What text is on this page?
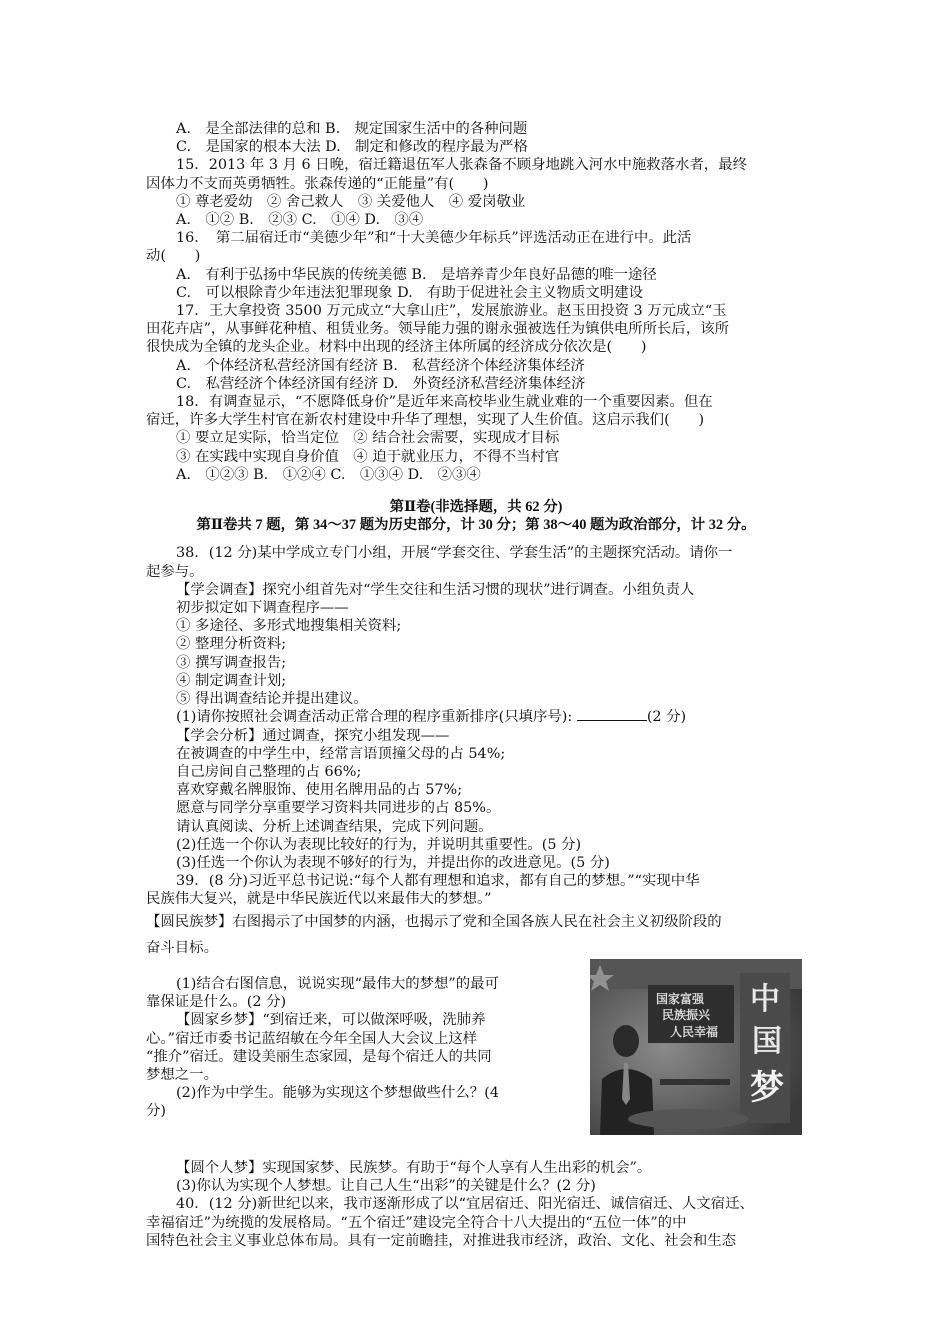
A.　是全部法律的总和 B.　规定国家生活中的各种问题
C.　是国家的根本大法 D.　制定和修改的程序最为严格
15．2013 年 3 月 6 日晚，宿迁籍退伍军人张森备不顾身地跳入河水中施救落水者，最终
因体力不支而英勇牺牲。张森传递的“正能量”有(　　)
① 尊老爱幼　② 舍己救人　③ 关爱他人　④ 爱岗敬业
A.　①② B.　②③ C.　①④ D.　③④
16．　第二届宿迁市“美德少年”和“十大美德少年标兵”评选活动正在进行中。此活
动(　　)
A.　有利于弘扬中华民族的传统美德 B.　是培养青少年良好品德的唯一途径
C.　可以根除青少年违法犯罪现象 D.　有助于促进社会主义物质文明建设
17．王大拿投资 3500 万元成立“大拿山庄”，发展旅游业。赵玉田投资 3 万元成立“玉
田花卉店”，从事鲜花种植、租赁业务。领导能力强的谢永强被选任为镇供电所所长后，该所
很快成为全镇的龙头企业。材料中出现的经济主体所属的经济成分依次是(　　)
A.　个体经济私营经济国有经济 B.　私营经济个体经济集体经济
C.　私营经济个体经济国有经济 D.　外资经济私营经济集体经济
18．有调查显示，“不愿降低身价”是近年来高校毕业生就业难的一个重要因素。但在
宿迁，许多大学生村官在新农村建设中升华了理想，实现了人生价值。这启示我们(　　)
① 要立足实际，恰当定位　② 结合社会需要，实现成才目标
③ 在实践中实现自身价值　④ 迫于就业压力，不得不当村官
A.　①②③ B.　①②④ C.　①③④ D.　②③④
第Ⅱ卷(非选择题，共 62 分)
第Ⅱ卷共 7 题，第 34～37 题为历史部分，计 30 分；第 38～40 题为政治部分，计 32 分。
38．(12 分)某中学成立专门小组，开展“学套交往、学套生活”的主题探究活动。请你一
起参与。
【学会调查】探究小组首先对“学生交往和生活习惯的现状”进行调查。小组负责人
初步拟定如下调查程序——
① 多途径、多形式地搜集相关资料;
② 整理分析资料;
③ 撰写调查报告;
④ 制定调查计划;
⑤ 得出调查结论并提出建议。
(1)请你按照社会调查活动正常合理的程序重新排序(只填序号):	(2 分)
【学会分析】通过调查，探究小组发现——
在被调查的中学生中，经常言语顶撞父母的占 54%;
自己房间自己整理的占 66%;
喜欢穿戴名牌服饰、使用名牌用品的占 57%;
愿意与同学分享重要学习资料共同进步的占 85%。
请认真阅读、分析上述调查结果，完成下列问题。
(2)任选一个你认为表现比较好的行为，并说明其重要性。(5 分)
(3)任选一个你认为表现不够好的行为，并提出你的改进意见。(5 分)
39．(8 分)习近平总书记说:“每个人都有理想和追求，都有自己的梦想。”“实现中华
民族伟大复兴，就是中华民族近代以来最伟大的梦想。”
【圆民族梦】右图揭示了中国梦的内涵，也揭示了党和全国各族人民在社会主义初级阶段的
奋斗目标。
(1)结合右图信息，说说实现“最伟大的梦想”的最可
靠保证是什么。(2 分)
【圆家乡梦】“到宿迁来，可以做深呼吸，洗肺养
心。”宿迁市委书记蓝绍敏在今年全国人大会议上这样
“推介”宿迁。建设美丽生态家园，是每个宿迁人的共同
梦想之一。
(2)作为中学生。能够为实现这个梦想做些什么？(4
分)
中
国
梦
国家富强
民族振兴
人民幸福
【圆个人梦】实现国家梦、民族梦。有助于“每个人享有人生出彩的机会”。
(3)你认为实现个人梦想。让自己人生“出彩”的关键是什么？(2 分)
40．(12 分)新世纪以来，我市逐渐形成了以“宜居宿迁、阳光宿迁、诚信宿迁、人文宿迁、
幸福宿迁”为统揽的发展格局。“五个宿迁”建设完全符合十八大提出的“五位一体”的中
国特色社会主义事业总体布局。具有一定前瞻挂，对推进我市经济，政治、文化、社会和生态
